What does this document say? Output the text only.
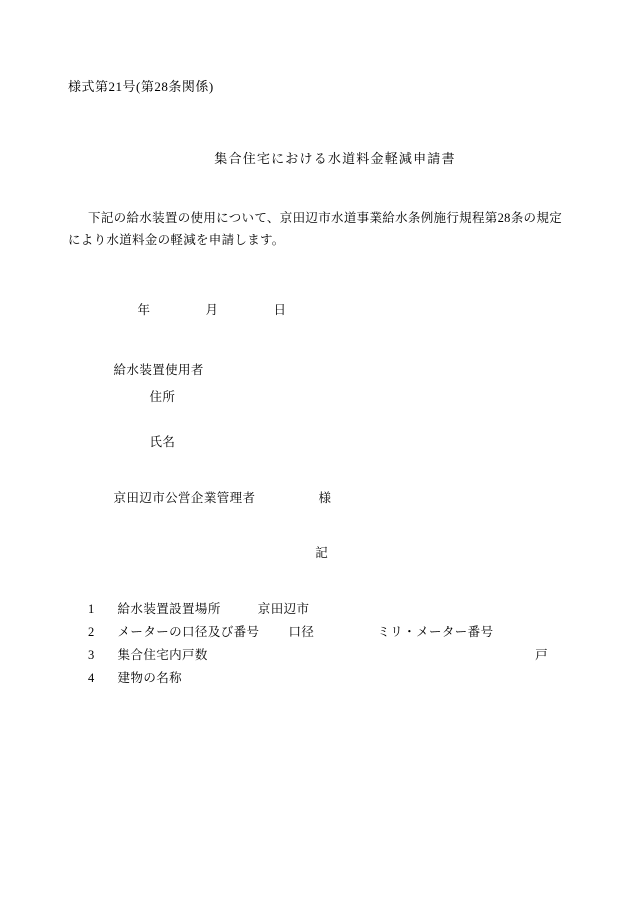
様式第21号(第28条関係)
集合住宅における水道料金軽減申請書
下記の給水装置の使用について、京田辺市水道事業給水条例施行規程第28条の規定により水道料金の軽減を申請します。
年	月	日
給水装置使用者
住所
氏名
京田辺市公営企業管理者	様
記
1 給水装置設置場所	京田辺市
2 メーターの口径及び番号 口径	ミリ・メーター番号
3 集合住宅内戸数	戸
4 建物の名称
